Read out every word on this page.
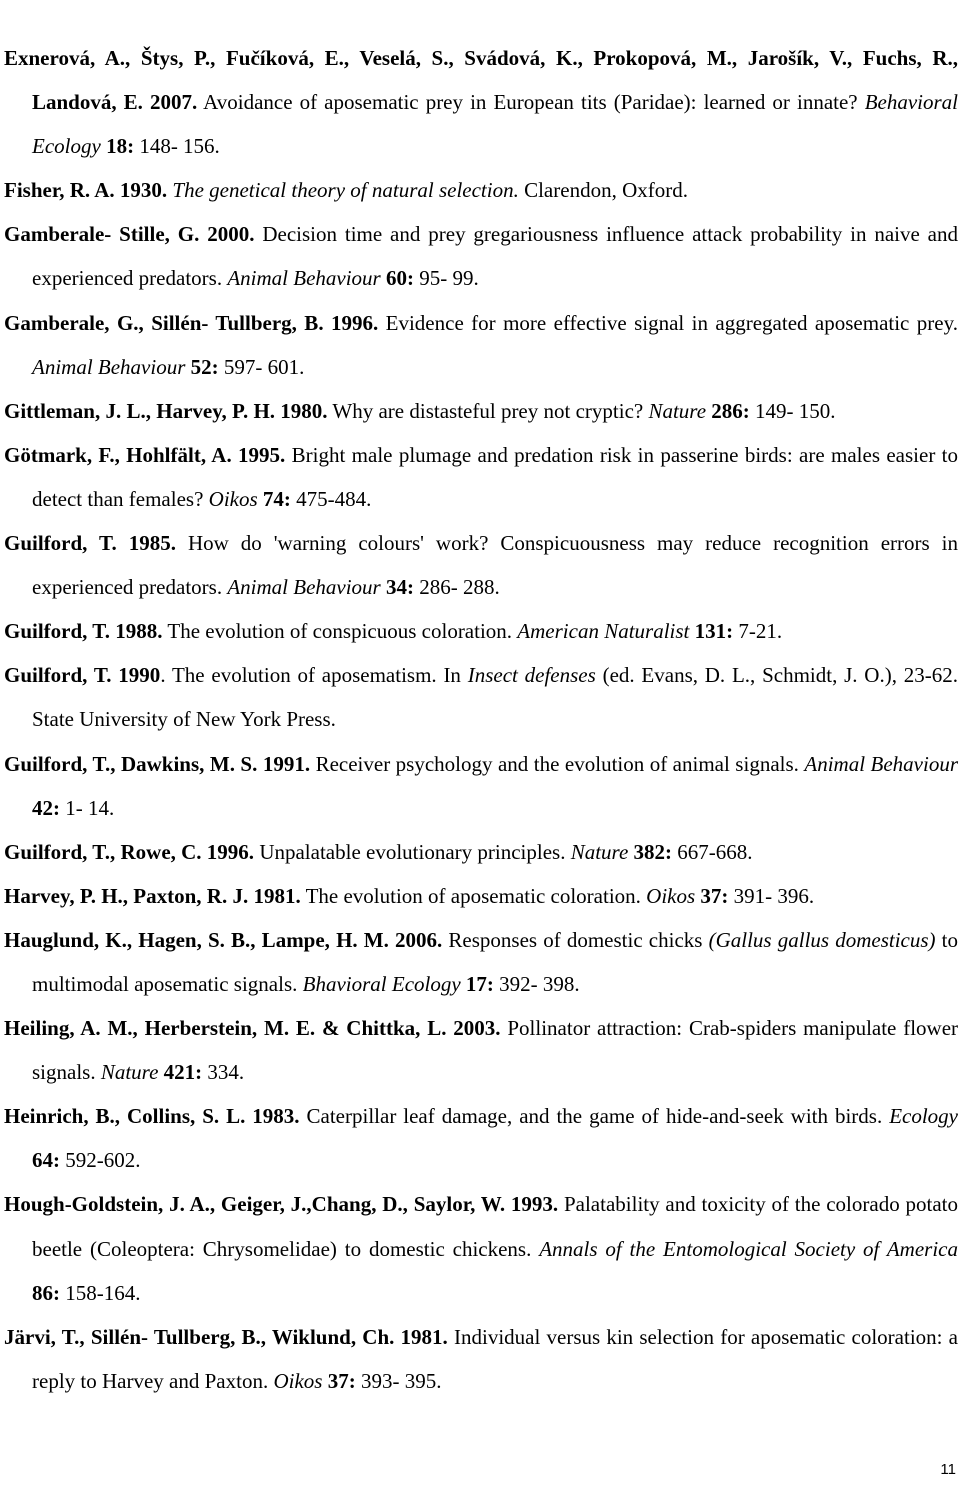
Exnerová, A., Štys, P., Fučíková, E., Veselá, S., Svádová, K., Prokopová, M., Jarošík, V., Fuchs, R., Landová, E. 2007. Avoidance of aposematic prey in European tits (Paridae): learned or innate? Behavioral Ecology 18: 148- 156.

Fisher, R. A. 1930. The genetical theory of natural selection. Clarendon, Oxford.

Gamberale- Stille, G. 2000. Decision time and prey gregariousness influence attack probability in naive and experienced predators. Animal Behaviour 60: 95- 99.

Gamberale, G., Sillén- Tullberg, B. 1996. Evidence for more effective signal in aggregated aposematic prey. Animal Behaviour 52: 597- 601.

Gittleman, J. L., Harvey, P. H. 1980. Why are distasteful prey not cryptic? Nature 286: 149- 150.

Götmark, F., Hohlfält, A. 1995. Bright male plumage and predation risk in passerine birds: are males easier to detect than females? Oikos 74: 475-484.

Guilford, T. 1985. How do 'warning colours' work? Conspicuousness may reduce recognition errors in experienced predators. Animal Behaviour 34: 286- 288.

Guilford, T. 1988. The evolution of conspicuous coloration. American Naturalist 131: 7-21.

Guilford, T. 1990. The evolution of aposematism. In Insect defenses (ed. Evans, D. L., Schmidt, J. O.), 23-62. State University of New York Press.

Guilford, T., Dawkins, M. S. 1991. Receiver psychology and the evolution of animal signals. Animal Behaviour 42: 1- 14.

Guilford, T., Rowe, C. 1996. Unpalatable evolutionary principles. Nature 382: 667-668.

Harvey, P. H., Paxton, R. J. 1981. The evolution of aposematic coloration. Oikos 37: 391- 396.

Hauglund, K., Hagen, S. B., Lampe, H. M. 2006. Responses of domestic chicks (Gallus gallus domesticus) to multimodal aposematic signals. Bhavioral Ecology 17: 392- 398.

Heiling, A. M., Herberstein, M. E. & Chittka, L. 2003. Pollinator attraction: Crab-spiders manipulate flower signals. Nature 421: 334.

Heinrich, B., Collins, S. L. 1983. Caterpillar leaf damage, and the game of hide-and-seek with birds. Ecology 64: 592-602.

Hough-Goldstein, J. A., Geiger, J.,Chang, D., Saylor, W. 1993. Palatability and toxicity of the colorado potato beetle (Coleoptera: Chrysomelidae) to domestic chickens. Annals of the Entomological Society of America 86: 158-164.

Järvi, T., Sillén- Tullberg, B., Wiklund, Ch. 1981. Individual versus kin selection for aposematic coloration: a reply to Harvey and Paxton. Oikos 37: 393- 395.

11
